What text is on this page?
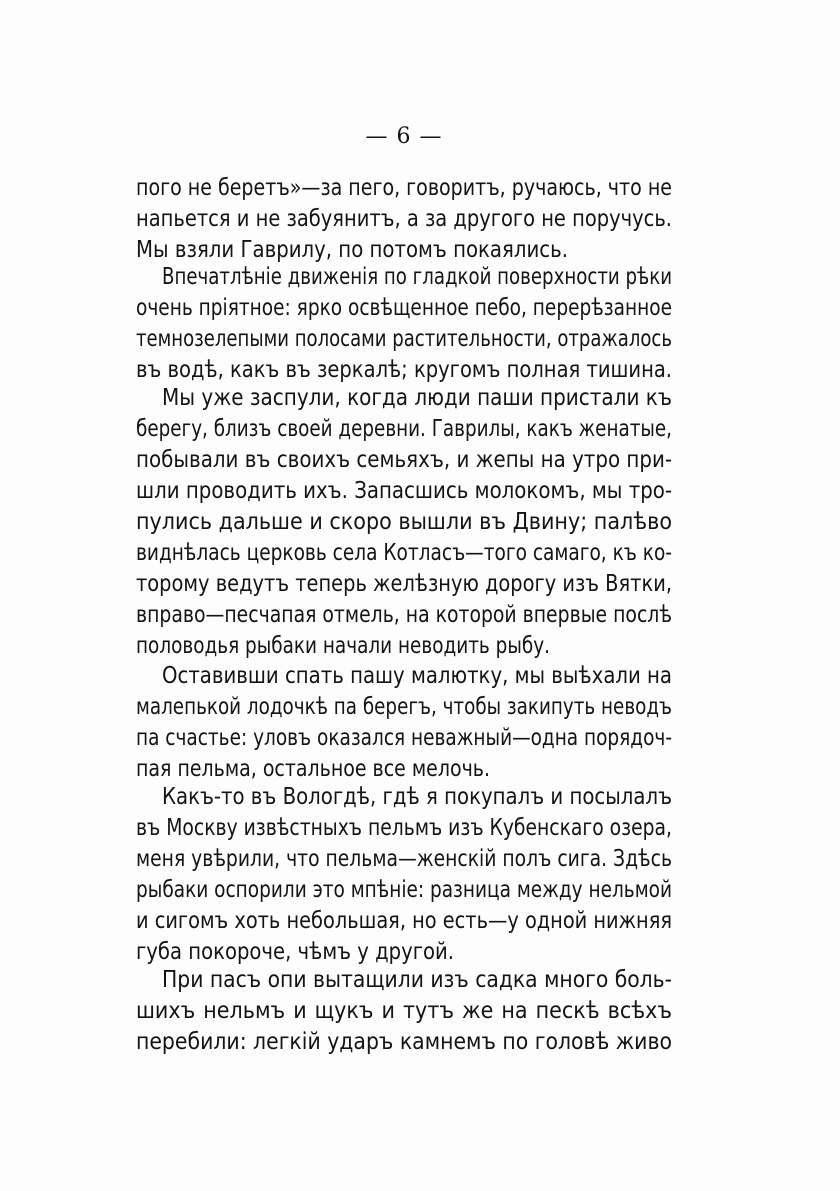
— 6 —
пого не беретъ»—за пего, говоритъ, ручаюсь, что не
напьется и не забуянитъ, а за другого не поручусь.
Мы взяли Гаврилу, по потомъ покаялись.
Впечатлѣніе движенія по гладкой поверхности рѣки
очень пріятное: ярко освѣщенное пебо, перерѣзанное
темнозелепыми полосами растительности, отражалось
въ водѣ, какъ въ зеркалѣ; кругомъ полная тишина.
Мы уже заспули, когда люди паши пристали къ
берегу, близъ своей деревни. Гаврилы, какъ женатые,
побывали въ своихъ семьяхъ, и жепы на утро при-
шли проводить ихъ. Запасшись молокомъ, мы тро-
пулись дальше и скоро вышли въ Двину; палѣво
виднѣлась церковь села Котласъ—того самаго, къ ко-
торому ведутъ теперь желѣзную дорогу изъ Вятки,
вправо—песчапая отмель, на которой впервые послѣ
половодья рыбаки начали неводить рыбу.
Оставивши спать пашу малютку, мы выѣхали на
малепькой лодочкѣ па берегъ, чтобы закипуть неводъ
па счастье: уловъ оказался неважный—одна порядоч-
пая пельма, остальное все мелочь.
Какъ-то въ Вологдѣ, гдѣ я покупалъ и посылалъ
въ Москву извѣстныхъ пельмъ изъ Кубенскаго озера,
меня увѣрили, что пельма—женскій полъ сига. Здѣсь
рыбаки оспорили это мпѣніе: разница между нельмой
и сигомъ хоть небольшая, но есть—у одной нижняя
губа покороче, чѣмъ у другой.
При пасъ опи вытащили изъ садка много боль-
шихъ нельмъ и щукъ и тутъ же на пескѣ всѣхъ
перебили: легкій ударъ камнемъ по головѣ живо
